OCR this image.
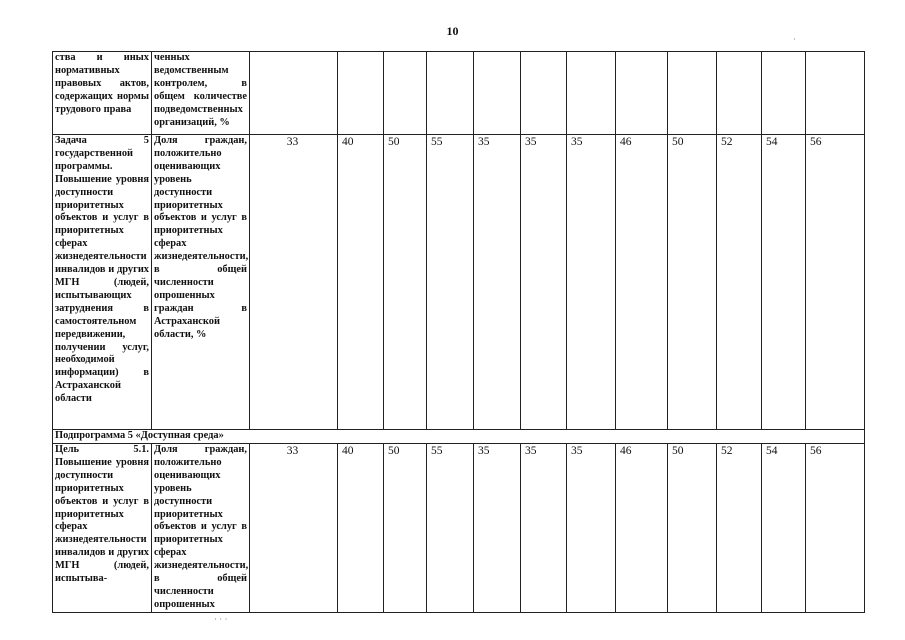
10
ства и иных нормативных правовых актов, содержащих нормы трудового права	ченных ведомственным контролем, в общем количестве подведомственных организаций, %												
Задача 5 государственной программы. Повышение уровня доступности приоритетных объектов и услуг в приоритетных сферах жизнедеятельности инвалидов и других МГН (людей, испытывающих затруднения в самостоятельном передвижении, получении услуг, необходимой информации) в Астраханской области	Доля граждан, положительно оценивающих уровень доступности приоритетных объектов и услуг в приоритетных сферах жизнедеятельности, в общей численности опрошенных граждан в Астраханской области, %	33	40	50	55	35	35	35	46	50	52	54	56
Подпрограмма 5 «Доступная среда»													
Цель 5.1. Повышение уровня доступности приоритетных объектов и услуг в приоритетных сферах жизнедеятельности инвалидов и других МГН (людей, испытыва-	Доля граждан, положительно оценивающих уровень доступности приоритетных объектов и услуг в приоритетных сферах жизнедеятельности, в общей численности опрошенных	33	40	50	55	35	35	35	46	50	52	54	56
·
· · ·
